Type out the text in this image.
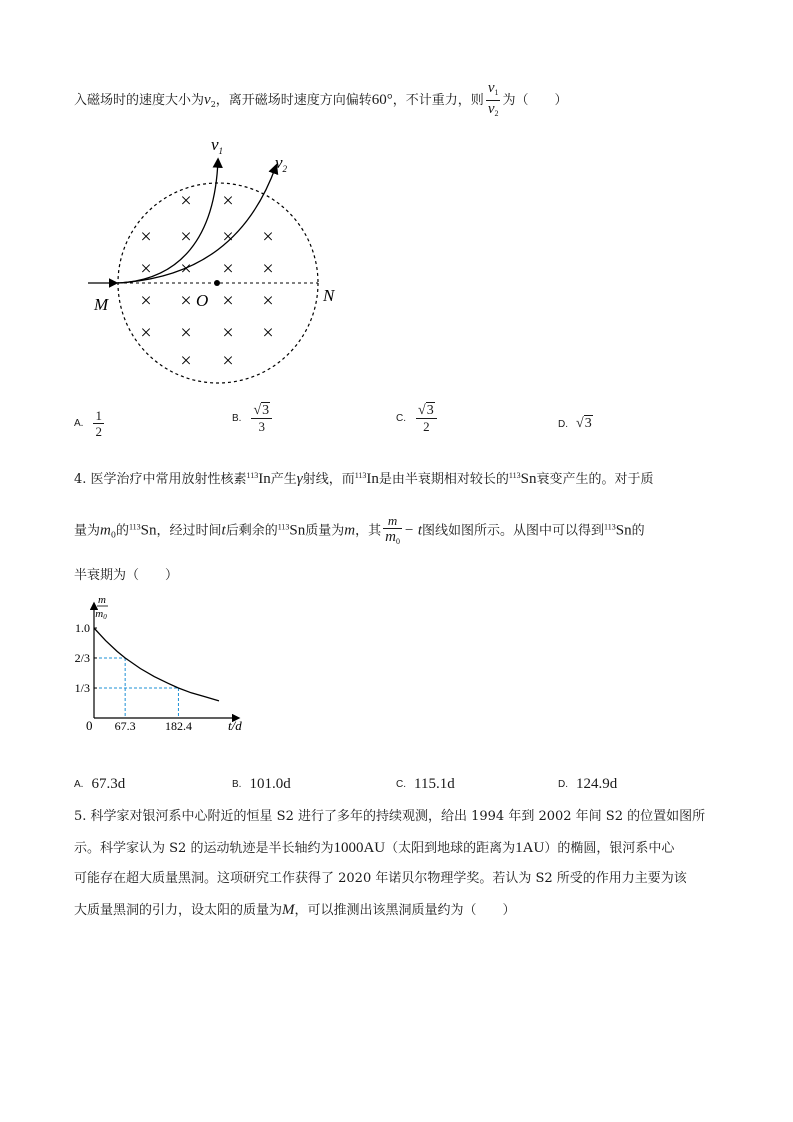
入磁场时的速度大小为$v_2$，离开磁场时速度方向偏转60°，不计重力，则 $\frac{v_1}{v_2}$ 为（　　）
× ×
× × × ×
× × × ×
× × × ×
× × × ×
× ×
$v_1$
$v_2$
M	O	N
A. $\frac{1}{2}$	B. $\frac{√3}{3}$	C. $\frac{√3}{2}$	D. √3
4. 医学治疗中常用放射性核素$^{113}$In产生γ射线，而$^{113}$In是由半衰期相对较长的$^{113}$Sn衰变产生的。对于质
量为$m_0$的$^{113}$Sn，经过时间t后剩余的$^{113}$Sn质量为m，其 $\frac{m}{m_0} - t$图线如图所示。从图中可以得到$^{113}$Sn的
半衰期为（　　）
m
m0
t/d
0
1.0
2/3
1/3
67.3 182.4
A. 67.3d	B. 101.0d	C. 115.1d	D. 124.9d
5. 科学家对银河系中心附近的恒星 S2 进行了多年的持续观测，给出 1994 年到 2002 年间 S2 的位置如图所
示。科学家认为 S2 的运动轨迹是半长轴约为1000AU（太阳到地球的距离为1AU）的椭圆，银河系中心
可能存在超大质量黑洞。这项研究工作获得了 2020 年诺贝尔物理学奖。若认为 S2 所受的作用力主要为该
大质量黑洞的引力，设太阳的质量为M，可以推测出该黑洞质量约为（　　）
